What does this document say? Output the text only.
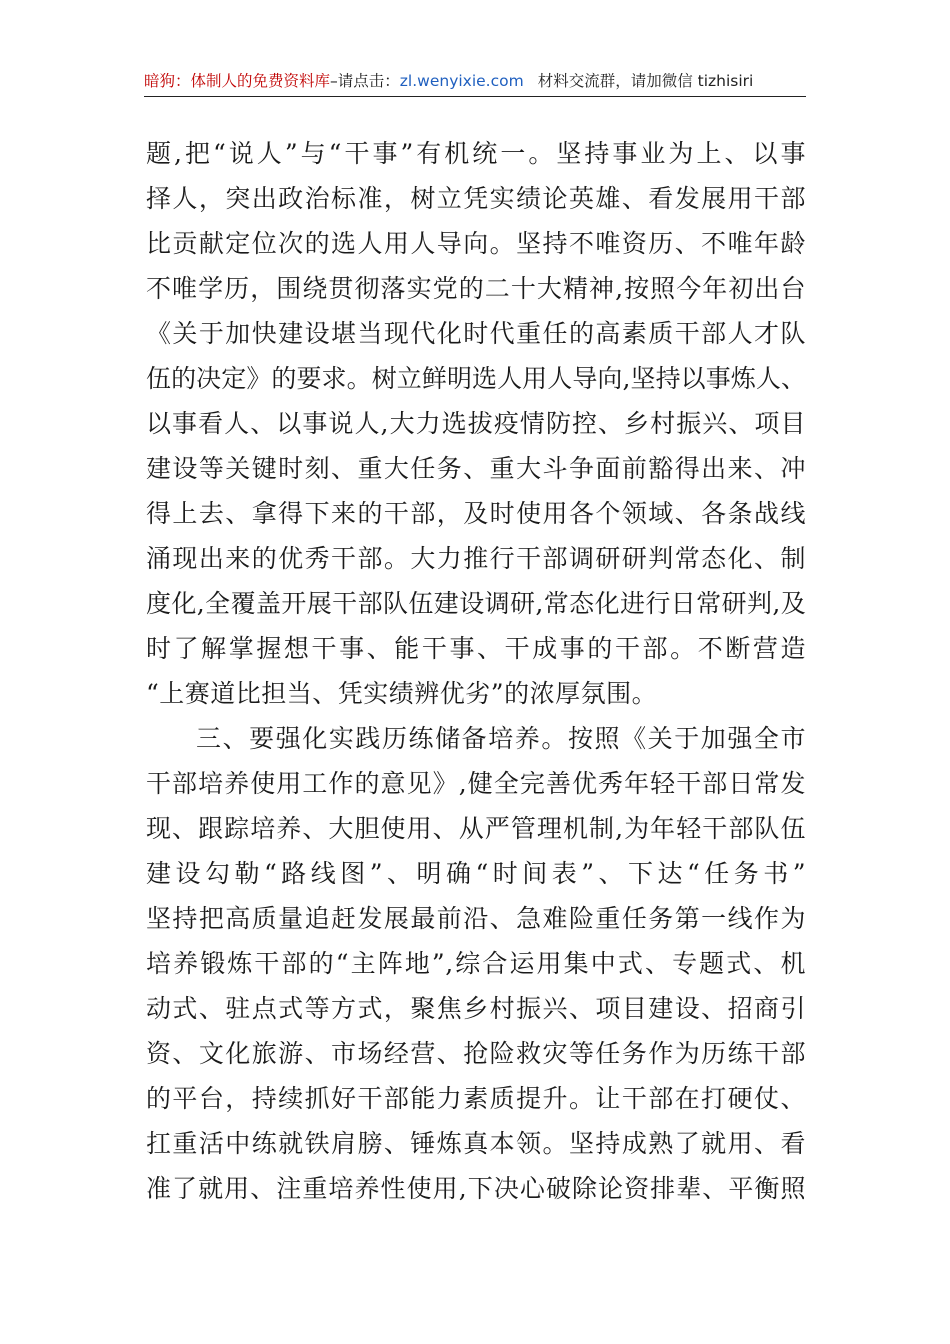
暗狗：体制人的免费资料库–请点击：zl.wenyixie.com 材料交流群，请加微信 tizhisiri
题,把“说人”与“干事”有机统一。坚持事业为上、以事
择人，突出政治标准，树立凭实绩论英雄、看发展用干部
比贡献定位次的选人用人导向。坚持不唯资历、不唯年龄
不唯学历，围绕贯彻落实党的二十大精神,按照今年初出台
《关于加快建设堪当现代化时代重任的高素质干部人才队
伍的决定》的要求。树立鲜明选人用人导向,坚持以事炼人、
以事看人、以事说人,大力选拔疫情防控、乡村振兴、项目
建设等关键时刻、重大任务、重大斗争面前豁得出来、冲
得上去、拿得下来的干部，及时使用各个领域、各条战线
涌现出来的优秀干部。大力推行干部调研研判常态化、制
度化,全覆盖开展干部队伍建设调研,常态化进行日常研判,及
时了解掌握想干事、能干事、干成事的干部。不断营造
“上赛道比担当、凭实绩辨优劣”的浓厚氛围。
三、要强化实践历练储备培养。按照《关于加强全市
干部培养使用工作的意见》,健全完善优秀年轻干部日常发
现、跟踪培养、大胆使用、从严管理机制,为年轻干部队伍
建设勾勒“路线图”、明确“时间表”、下达“任务书”
坚持把高质量追赶发展最前沿、急难险重任务第一线作为
培养锻炼干部的“主阵地”,综合运用集中式、专题式、机
动式、驻点式等方式，聚焦乡村振兴、项目建设、招商引
资、文化旅游、市场经营、抢险救灾等任务作为历练干部
的平台，持续抓好干部能力素质提升。让干部在打硬仗、
扛重活中练就铁肩膀、锤炼真本领。坚持成熟了就用、看
准了就用、注重培养性使用,下决心破除论资排辈、平衡照
